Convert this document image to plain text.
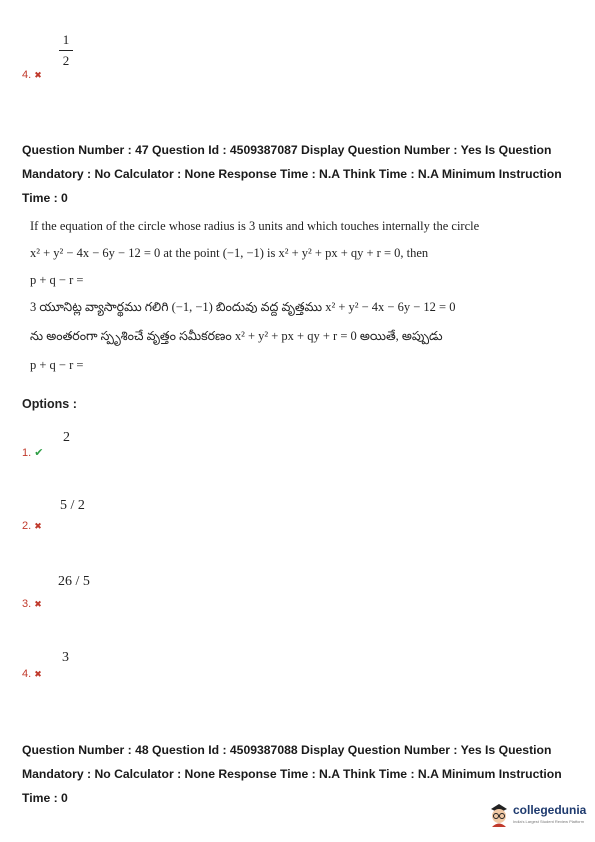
4. ✖
1
2
Question Number : 47 Question Id : 4509387087 Display Question Number : Yes Is Question
Mandatory : No Calculator : None Response Time : N.A Think Time : N.A Minimum Instruction
Time : 0
If the equation of the circle whose radius is 3 units and which touches internally the circle
x² + y² − 4x − 6y − 12 = 0 at the point (−1, −1) is x² + y² + px + qy + r = 0, then
p + q − r =
3 యూనిట్ల వ్యాసార్థము గలిగి (−1, −1) బిందువు వద్ద వృత్తము x² + y² − 4x − 6y − 12 = 0
ను అంతరంగా స్పృశించే వృత్తం సమీకరణం x² + y² + px + qy + r = 0 అయితే, అప్పుడు
p + q − r =
Options :
1. ✔
2
2. ✖
5 / 2
3. ✖
26 / 5
4. ✖
3
Question Number : 48 Question Id : 4509387088 Display Question Number : Yes Is Question
Mandatory : No Calculator : None Response Time : N.A Think Time : N.A Minimum Instruction
Time : 0
collegedunia
India's Largest Student Review Platform
